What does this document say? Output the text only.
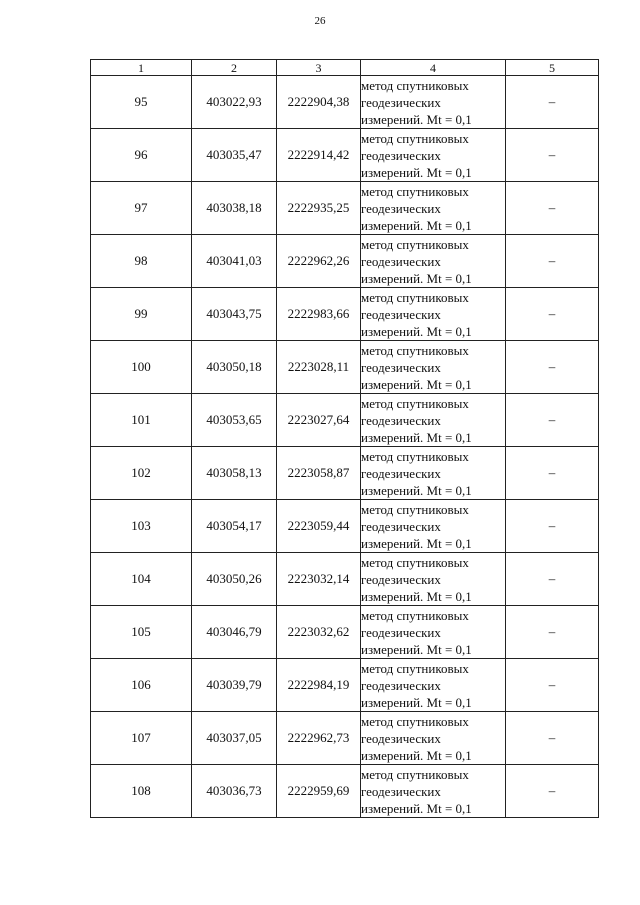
26
1	2	3	4	5
95	403022,93	2222904,38	метод спутниковых
геодезических
измерений. Mt = 0,1	–
96	403035,47	2222914,42	метод спутниковых
геодезических
измерений. Mt = 0,1	–
97	403038,18	2222935,25	метод спутниковых
геодезических
измерений. Mt = 0,1	–
98	403041,03	2222962,26	метод спутниковых
геодезических
измерений. Mt = 0,1	–
99	403043,75	2222983,66	метод спутниковых
геодезических
измерений. Mt = 0,1	–
100	403050,18	2223028,11	метод спутниковых
геодезических
измерений. Mt = 0,1	–
101	403053,65	2223027,64	метод спутниковых
геодезических
измерений. Mt = 0,1	–
102	403058,13	2223058,87	метод спутниковых
геодезических
измерений. Mt = 0,1	–
103	403054,17	2223059,44	метод спутниковых
геодезических
измерений. Mt = 0,1	–
104	403050,26	2223032,14	метод спутниковых
геодезических
измерений. Mt = 0,1	–
105	403046,79	2223032,62	метод спутниковых
геодезических
измерений. Mt = 0,1	–
106	403039,79	2222984,19	метод спутниковых
геодезических
измерений. Mt = 0,1	–
107	403037,05	2222962,73	метод спутниковых
геодезических
измерений. Mt = 0,1	–
108	403036,73	2222959,69	метод спутниковых
геодезических
измерений. Mt = 0,1	–
